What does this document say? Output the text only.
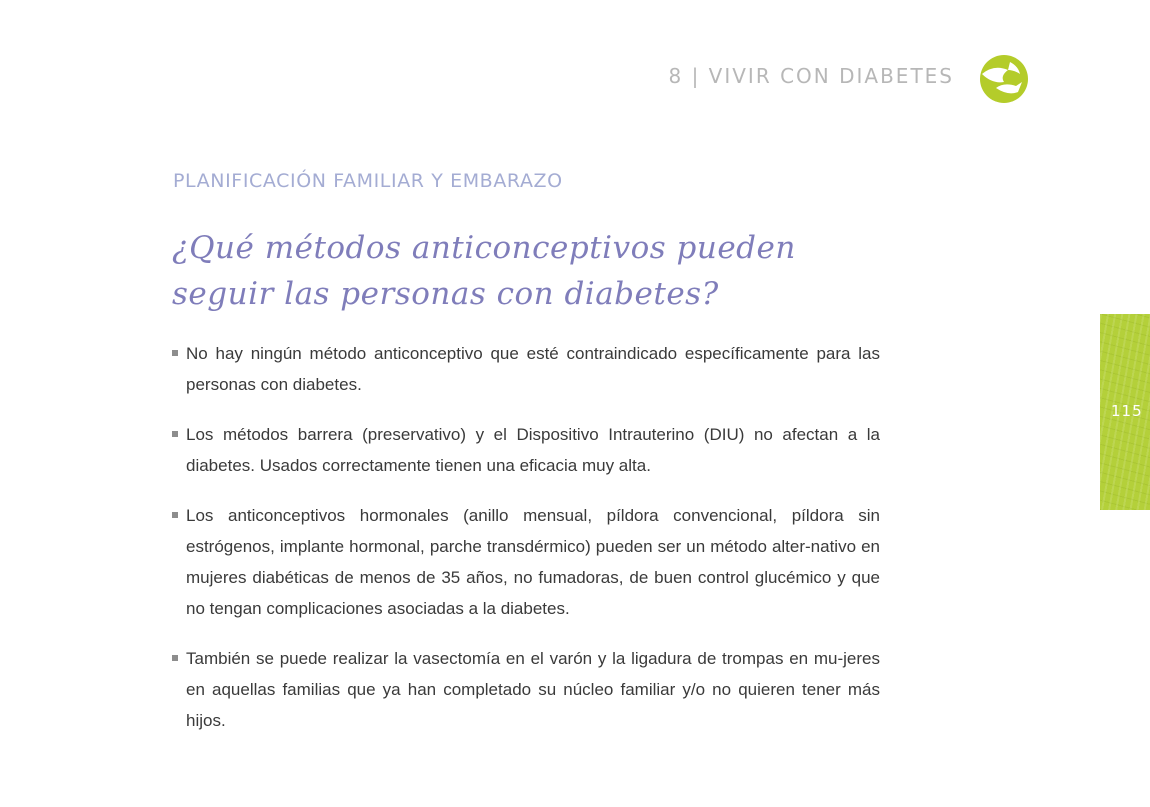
8 | VIVIR CON DIABETES
PLANIFICACIÓN FAMILIAR Y EMBARAZO
¿Qué métodos anticonceptivos pueden
seguir las personas con diabetes?
No hay ningún método anticonceptivo que esté contraindicado específicamente para las personas con diabetes.
Los métodos barrera (preservativo) y el Dispositivo Intrauterino (DIU) no afectan a la diabetes. Usados correctamente tienen una eficacia muy alta.
Los anticonceptivos hormonales (anillo mensual, píldora convencional, píldora sin estrógenos, implante hormonal, parche transdérmico) pueden ser un método alter-nativo en mujeres diabéticas de menos de 35 años, no fumadoras, de buen control glucémico y que no tengan complicaciones asociadas a la diabetes.
También se puede realizar la vasectomía en el varón y la ligadura de trompas en mu-jeres en aquellas familias que ya han completado su núcleo familiar y/o no quieren tener más hijos.
115
